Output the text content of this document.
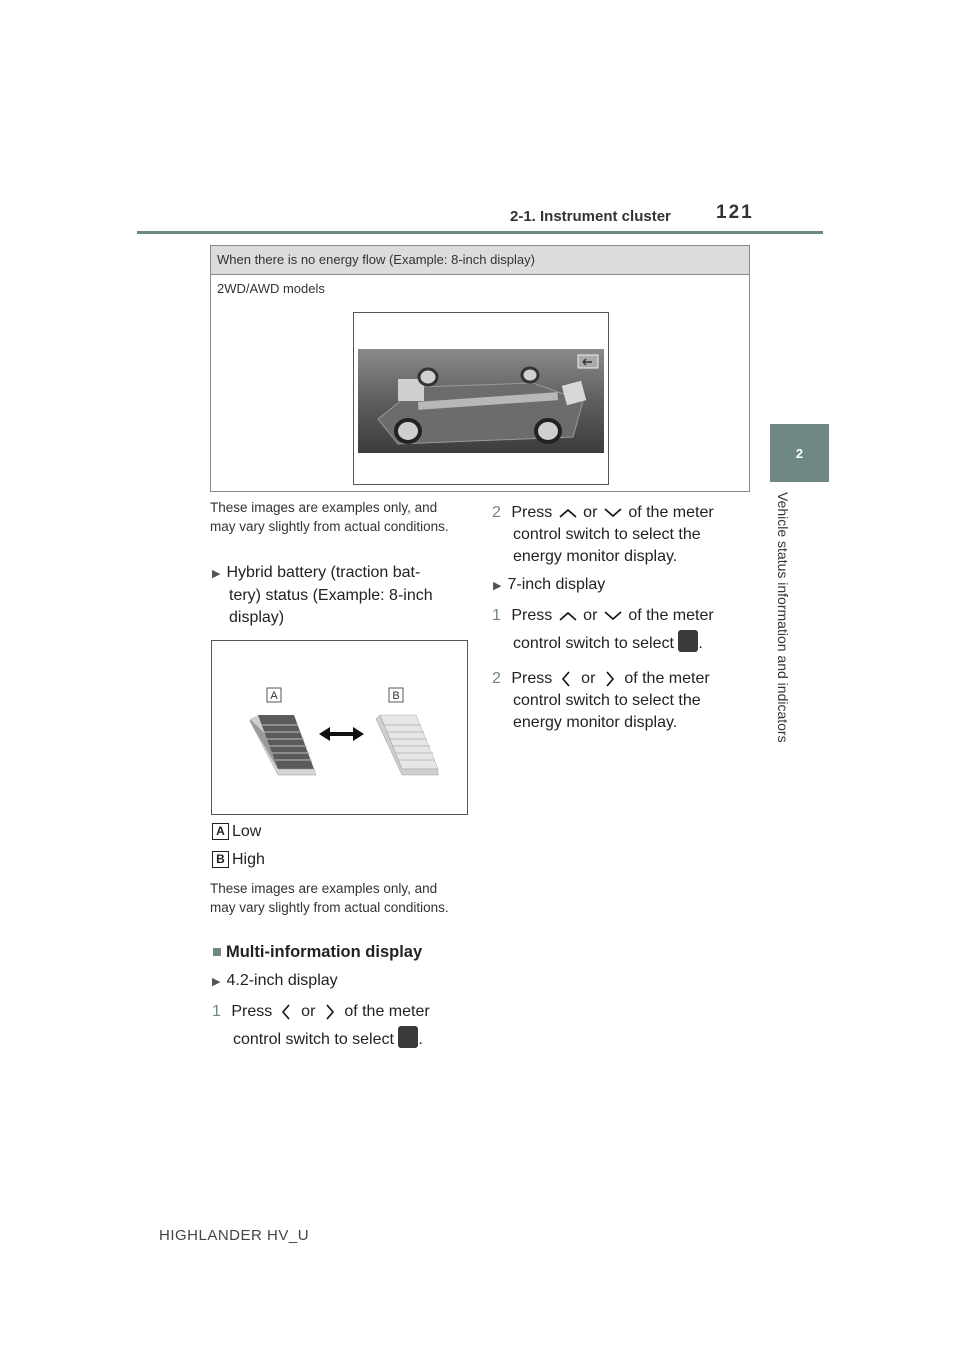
2-1. Instrument cluster 121
2
Vehicle status information and indicators
When there is no energy flow (Example: 8-inch display)
2WD/AWD models
These images are examples only, and may vary slightly from actual conditions.
▶ Hybrid battery (traction bat-
tery) status (Example: 8-inch
display)
A	B
A Low
B High
These images are examples only, and may vary slightly from actual conditions.
■ Multi-information display
▶ 4.2-inch display
1 Press or of the meter
control switch to select .
2 Press or of the meter
control switch to select the
energy monitor display.
▶ 7-inch display
1 Press or of the meter
control switch to select .
2 Press or of the meter
control switch to select the
energy monitor display.
HIGHLANDER HV_U
